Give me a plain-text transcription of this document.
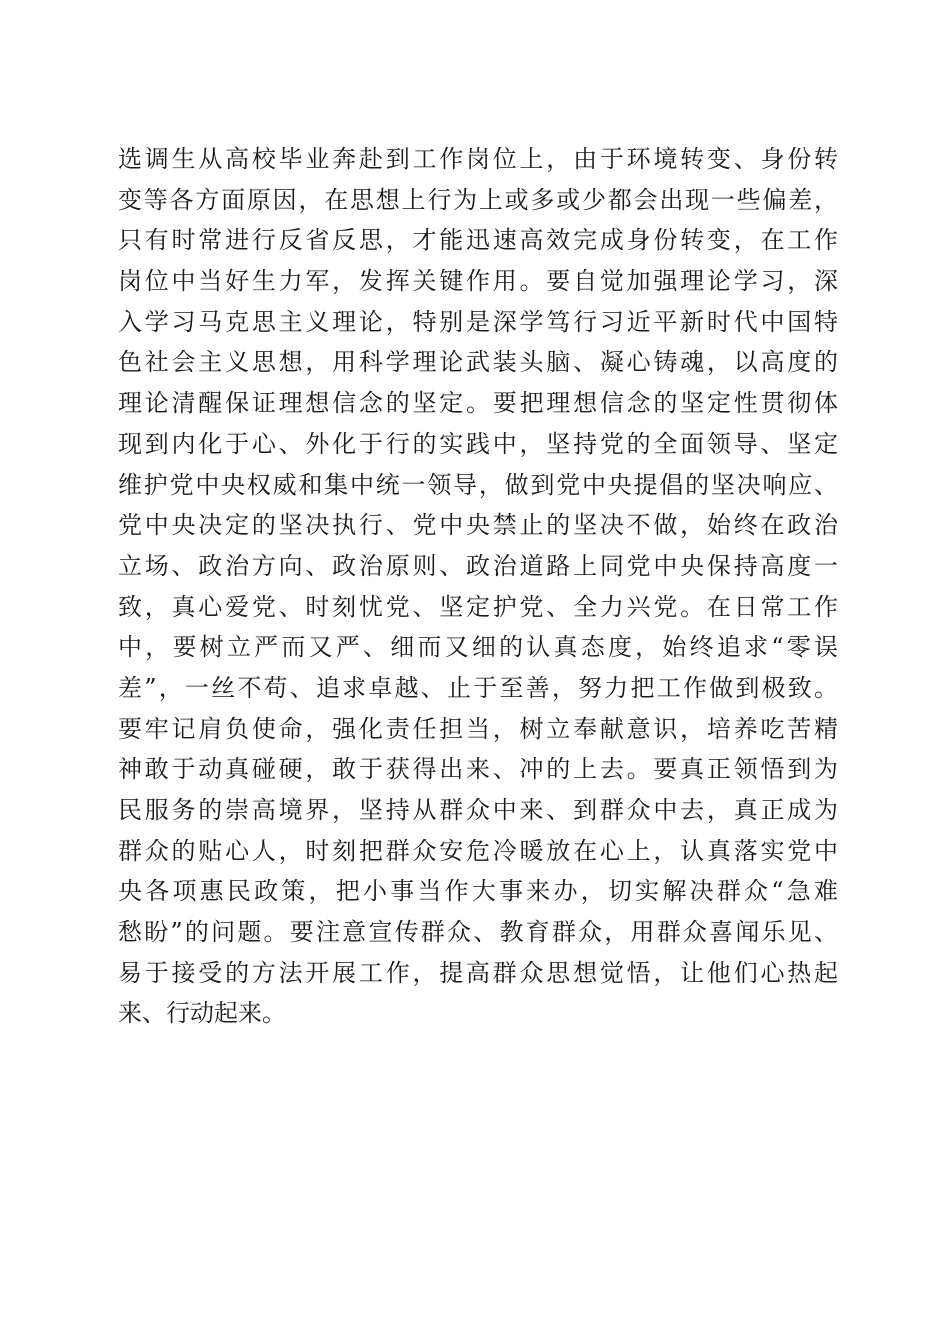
选调生从高校毕业奔赴到工作岗位上，由于环境转变、身份转
变等各方面原因，在思想上行为上或多或少都会出现一些偏差，
只有时常进行反省反思，才能迅速高效完成身份转变，在工作
岗位中当好生力军，发挥关键作用。要自觉加强理论学习，深
入学习马克思主义理论，特别是深学笃行习近平新时代中国特
色社会主义思想，用科学理论武装头脑、凝心铸魂，以高度的
理论清醒保证理想信念的坚定。要把理想信念的坚定性贯彻体
现到内化于心、外化于行的实践中，坚持党的全面领导、坚定
维护党中央权威和集中统一领导，做到党中央提倡的坚决响应、
党中央决定的坚决执行、党中央禁止的坚决不做，始终在政治
立场、政治方向、政治原则、政治道路上同党中央保持高度一
致，真心爱党、时刻忧党、坚定护党、全力兴党。在日常工作
中，要树立严而又严、细而又细的认真态度，始终追求“零误
差”，一丝不苟、追求卓越、止于至善，努力把工作做到极致。
要牢记肩负使命，强化责任担当，树立奉献意识，培养吃苦精
神敢于动真碰硬，敢于获得出来、冲的上去。要真正领悟到为
民服务的崇高境界，坚持从群众中来、到群众中去，真正成为
群众的贴心人，时刻把群众安危冷暖放在心上，认真落实党中
央各项惠民政策，把小事当作大事来办，切实解决群众“急难
愁盼”的问题。要注意宣传群众、教育群众，用群众喜闻乐见、
易于接受的方法开展工作，提高群众思想觉悟，让他们心热起
来、行动起来。
